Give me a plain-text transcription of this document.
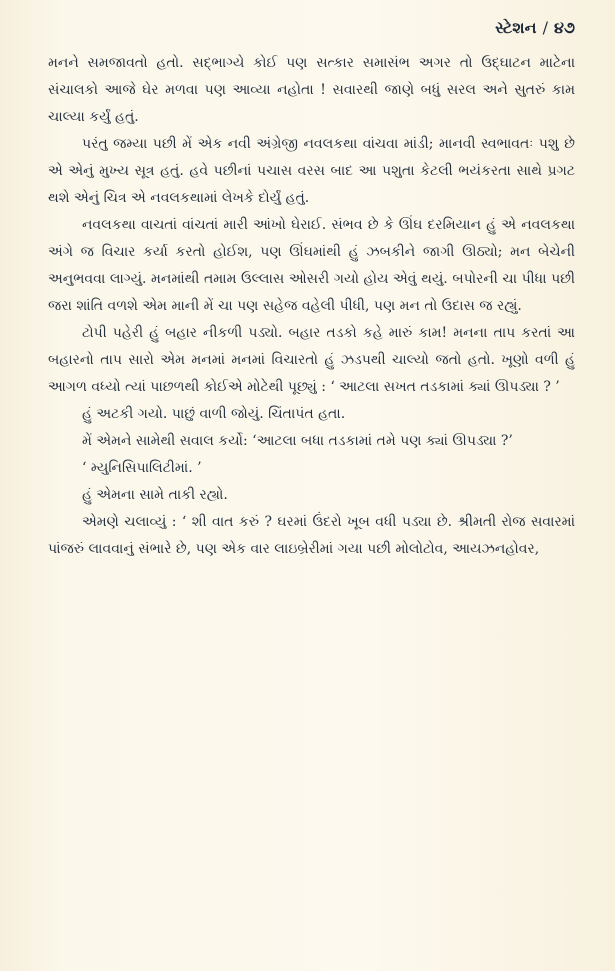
સ્ટેશન / ૪૭

મનને સમજાવતો હતો. સદ્ભાગ્યે કોઈ પણ સત્કાર સમાસંભ અગર તો ઉદ્ઘાટન માટેના સંચાલકો આજે ઘેર મળવા પણ આવ્યા નહોતા ! સવારથી જાણે બધું સરલ અને સુતરું કામ ચાલ્યા કર્યું હતું.

પરંતુ જમ્યા પછી મેં એક નવી અંગ્રેજી નવલકથા વાંચવા માંડી; માનવી સ્વભાવતઃ પશુ છે એ એનું મુખ્ય સૂત્ર હતું. હવે પછીનાં પચાસ વરસ બાદ આ પશુતા કેટલી ભયંકરતા સાથે પ્રગટ થશે એનું ચિત્ર એ નવલકથામાં લેખકે દોર્યું હતું.

નવલકથા વાચતાં વાંચતાં મારી આંખો ઘેરાઈ. સંભવ છે કે ઊંઘ દરમિયાન હું એ નવલકથા અંગે જ વિચાર કર્યા કરતો હોઈશ, પણ ઊંઘમાંથી હું ઝબકીને જાગી ઊઠ્યો; મન બેચેની અનુભવવા લાગ્યું. મનમાંથી તમામ ઉલ્લાસ ઓસરી ગયો હોય એવું થયું. બપોરની ચા પીધા પછી જરા શાંતિ વળશે એમ માની મેં ચા પણ સહેજ વહેલી પીધી, પણ મન તો ઉદાસ જ રહ્યું.

ટોપી પહેરી હું બહાર નીકળી પડ્યો. બહાર તડકો કહે મારું કામ! મનના તાપ કરતાં આ બહારનો તાપ સારો એમ મનમાં મનમાં વિચારતો હું ઝડપથી ચાલ્યો જતો હતો. ખૂણો વળી હું આગળ વધ્યો ત્યાં પાછળથી કોઈએ મોટેથી પૂછ્યું : ‘ આટલા સખત તડકામાં ક્યાં ઊપડ્યા ? ’

હું અટકી ગયો. પાછું વાળી જોયું. ચિંતાપંત હતા.

મેં એમને સામેથી સવાલ કર્યો: ‘આટલા બધા તડકામાં તમે પણ ક્યાં ઊપડ્યા ?’

‘ મ્યુનિસિપાલિટીમાં. ’

હું એમના સામે તાકી રહ્યો.

એમણે ચલાવ્યું : ‘ શી વાત કરું ? ઘરમાં ઉંદરો ખૂબ વધી પડ્યા છે. શ્રીમતી રોજ સવારમાં પાંજરું લાવવાનું સંભારે છે, પણ એક વાર લાઇબ્રેરીમાં ગયા પછી મોલોટોવ, આયઝનહોવર,
